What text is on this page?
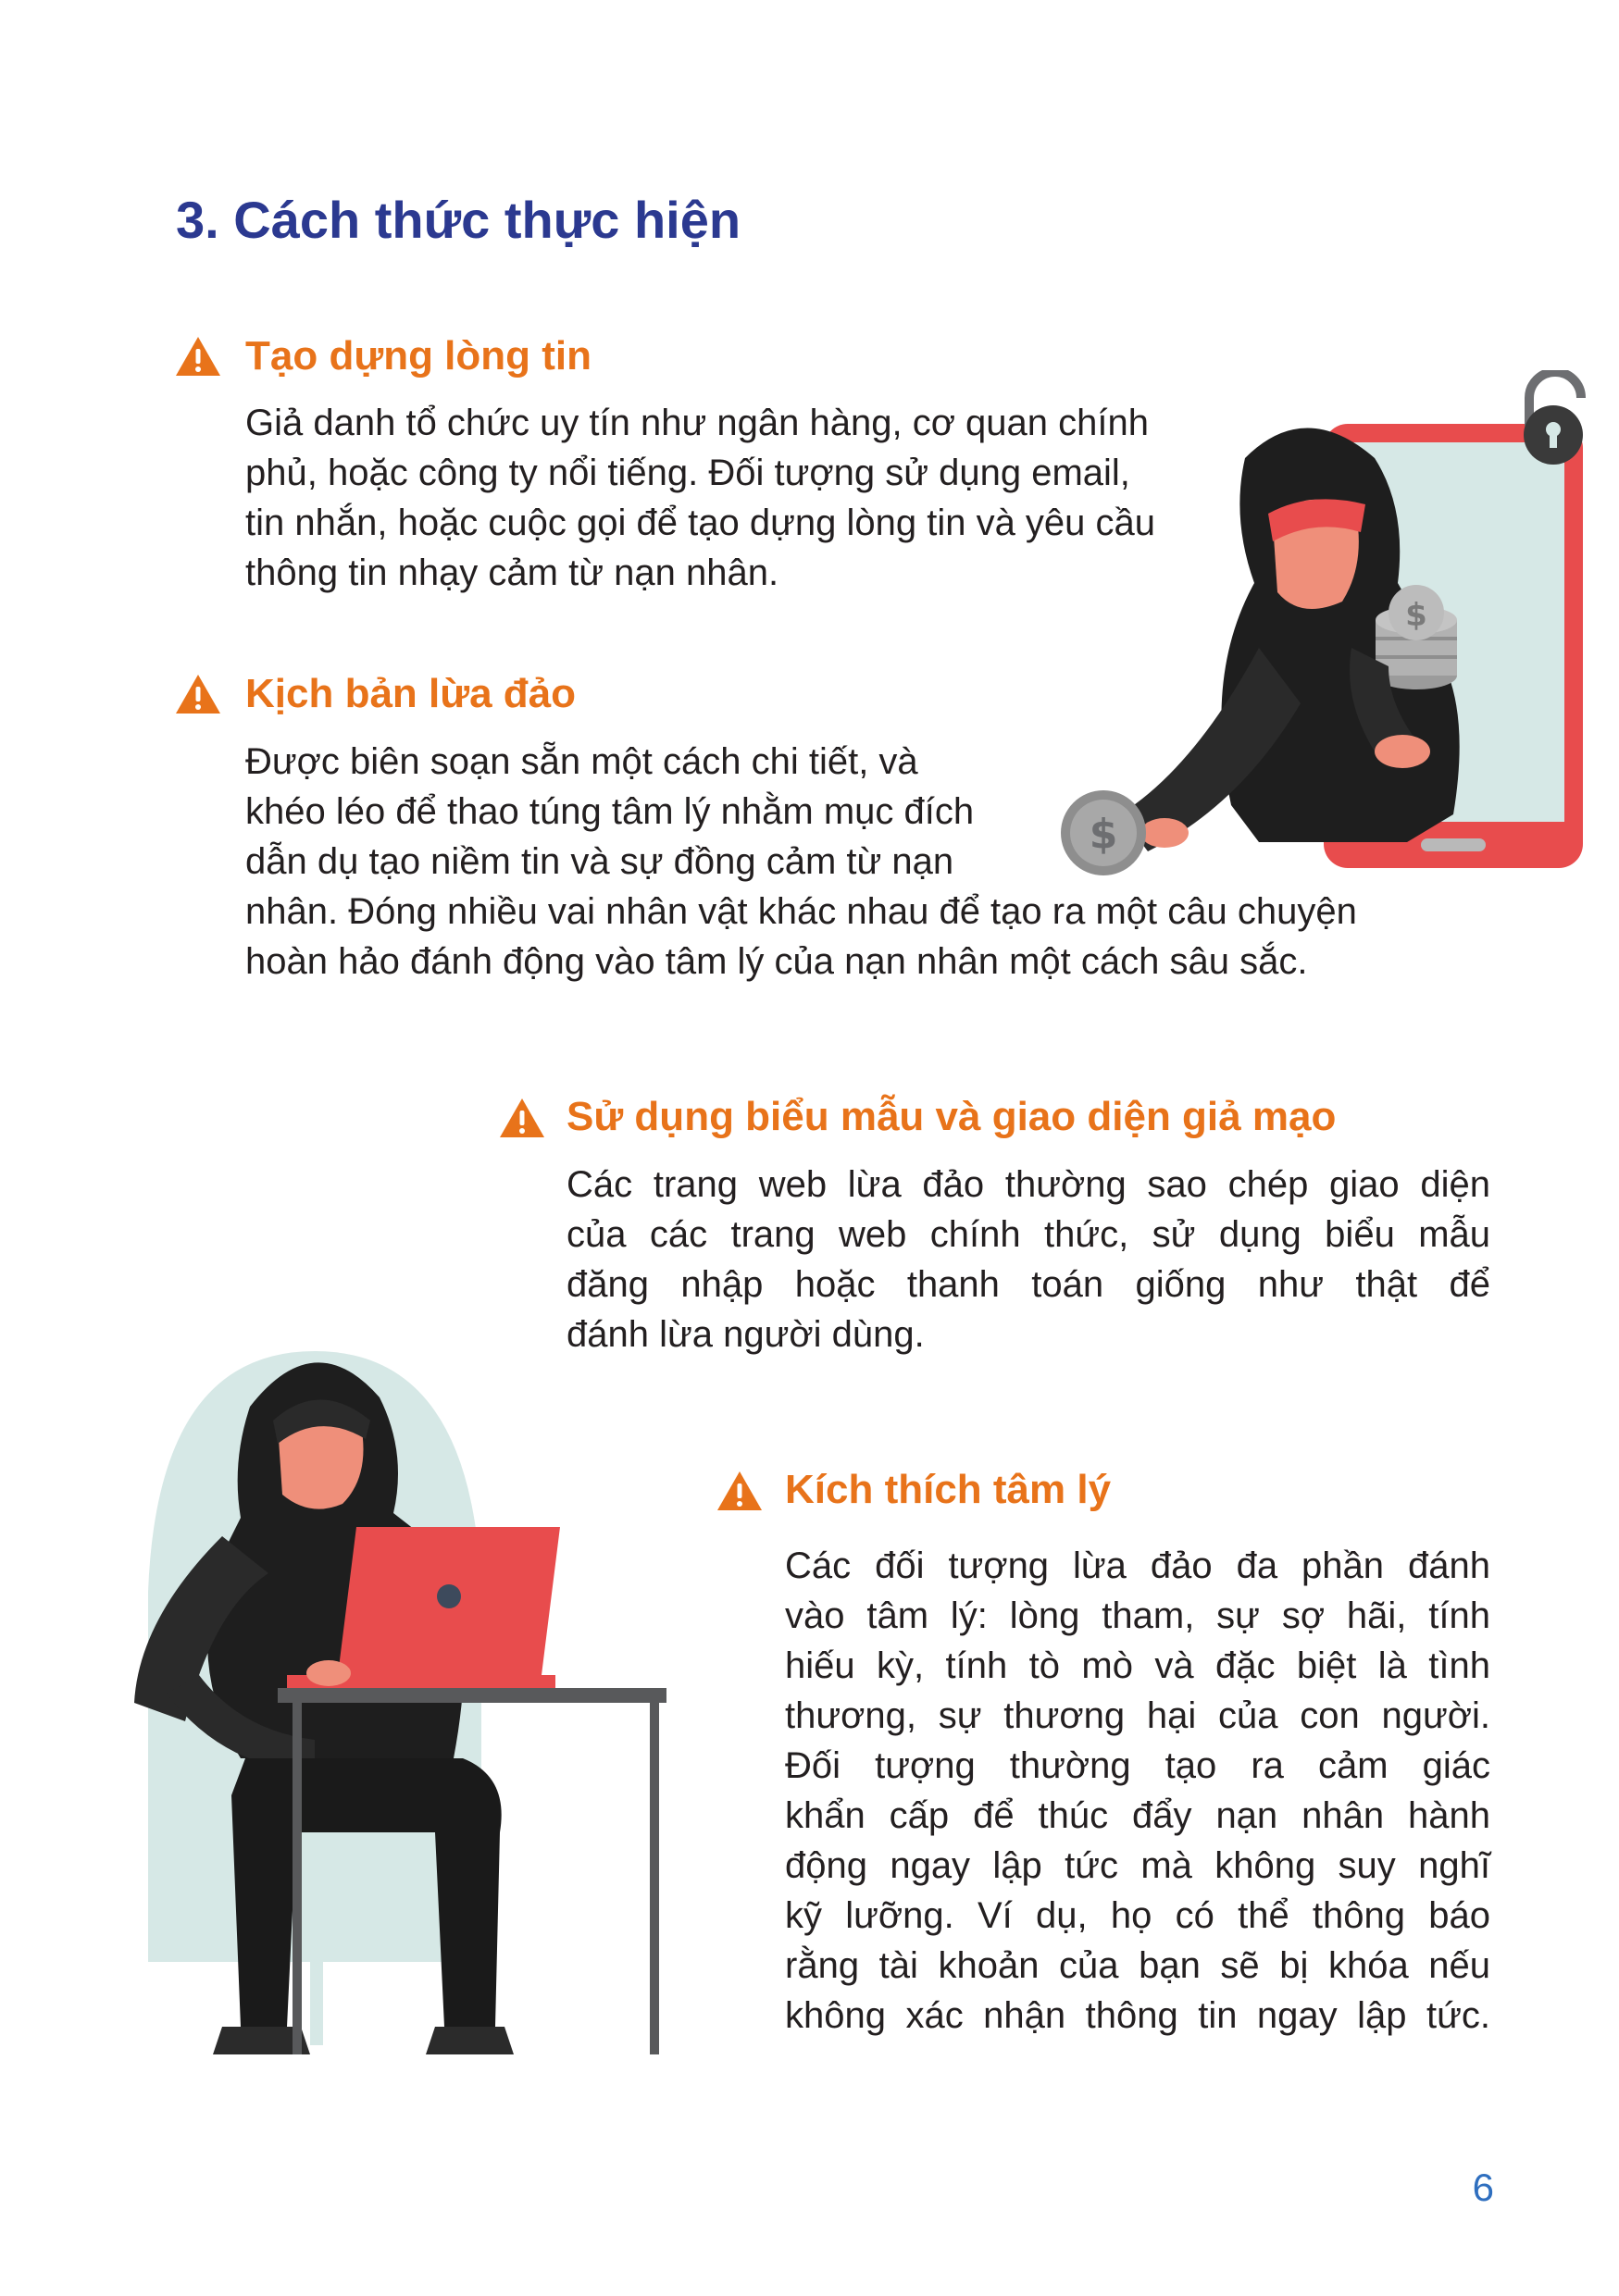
3. Cách thức thực hiện
Tạo dựng lòng tin

Giả danh tổ chức uy tín như ngân hàng, cơ quan chính
phủ, hoặc công ty nổi tiếng. Đối tượng sử dụng email,
tin nhắn, hoặc cuộc gọi để tạo dựng lòng tin và yêu cầu
thông tin nhạy cảm từ nạn nhân.

Kịch bản lừa đảo

Được biên soạn sẵn một cách chi tiết, và
khéo léo để thao túng tâm lý nhằm mục đích
dẫn dụ tạo niềm tin và sự đồng cảm từ nạn
nhân. Đóng nhiều vai nhân vật khác nhau để tạo ra một câu chuyện
hoàn hảo đánh động vào tâm lý của nạn nhân một cách sâu sắc.

$
$
Sử dụng biểu mẫu và giao diện giả mạo

Các trang web lừa đảo thường sao chép giao diện
của các trang web chính thức, sử dụng biểu mẫu
đăng nhập hoặc thanh toán giống như thật để
đánh lừa người dùng.

Kích thích tâm lý

Các đối tượng lừa đảo đa phần đánh
vào tâm lý: lòng tham, sự sợ hãi, tính
hiếu kỳ, tính tò mò và đặc biệt là tình
thương, sự thương hại của con người.
Đối tượng thường tạo ra cảm giác
khẩn cấp để thúc đẩy nạn nhân hành
động ngay lập tức mà không suy nghĩ
kỹ lưỡng. Ví dụ, họ có thể thông báo
rằng tài khoản của bạn sẽ bị khóa nếu
không xác nhận thông tin ngay lập tức.

6
